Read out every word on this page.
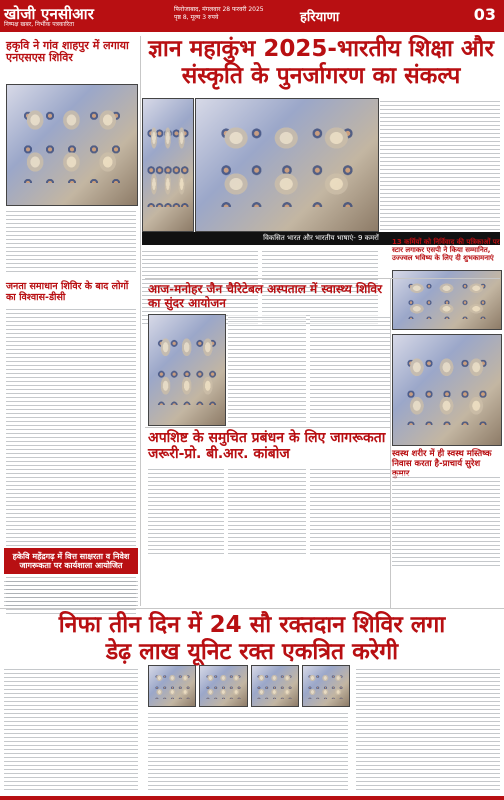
खोजी एनसीआर
निष्पक्ष खबर, निर्भीक पत्रकारिता
फिरोजाबाद, मंगलवार 28 फरवरी 2025
पृष्ठ 8, मूल्य 3 रुपये	हरियाणा	03
हकृवि ने गांव शाहपुर में लगाया एनएसएस शिविर
जनता समाधान शिविर के बाद लोगों का विश्वास-डीसी
ज्ञान महाकुंभ 2025-भारतीय शिक्षा और
संस्कृति के पुनर्जागरण का संकल्प
विकसित भारत और भारतीय भाषाएं- 9 कमरों	13 कर्मियों को निर्विवाद की पत्रिकाओं पर स्टार लगाकर एसपी ने किया सम्मानित, उज्ज्वल भविष्य के लिए दी शुभकामनाएं
आज-मनोहर जैन चैरिटेबल अस्पताल में स्वास्थ्य शिविर का सुंदर आयोजन
अपशिष्ट के समुचित प्रबंधन के लिए जागरूकता जरूरी-प्रो. बी.आर. कांबोज	स्वस्थ शरीर में ही स्वस्थ मस्तिष्क निवास करता है-प्राचार्य सुरेश
हकेवि महेंद्रगढ़ में वित्त साक्षरता व निवेश जागरूकता पर कार्यशाला आयोजित
निफा तीन दिन में 24 सौ रक्तदान शिविर लगा
डेढ़ लाख यूनिट रक्त एकत्रित करेगी
